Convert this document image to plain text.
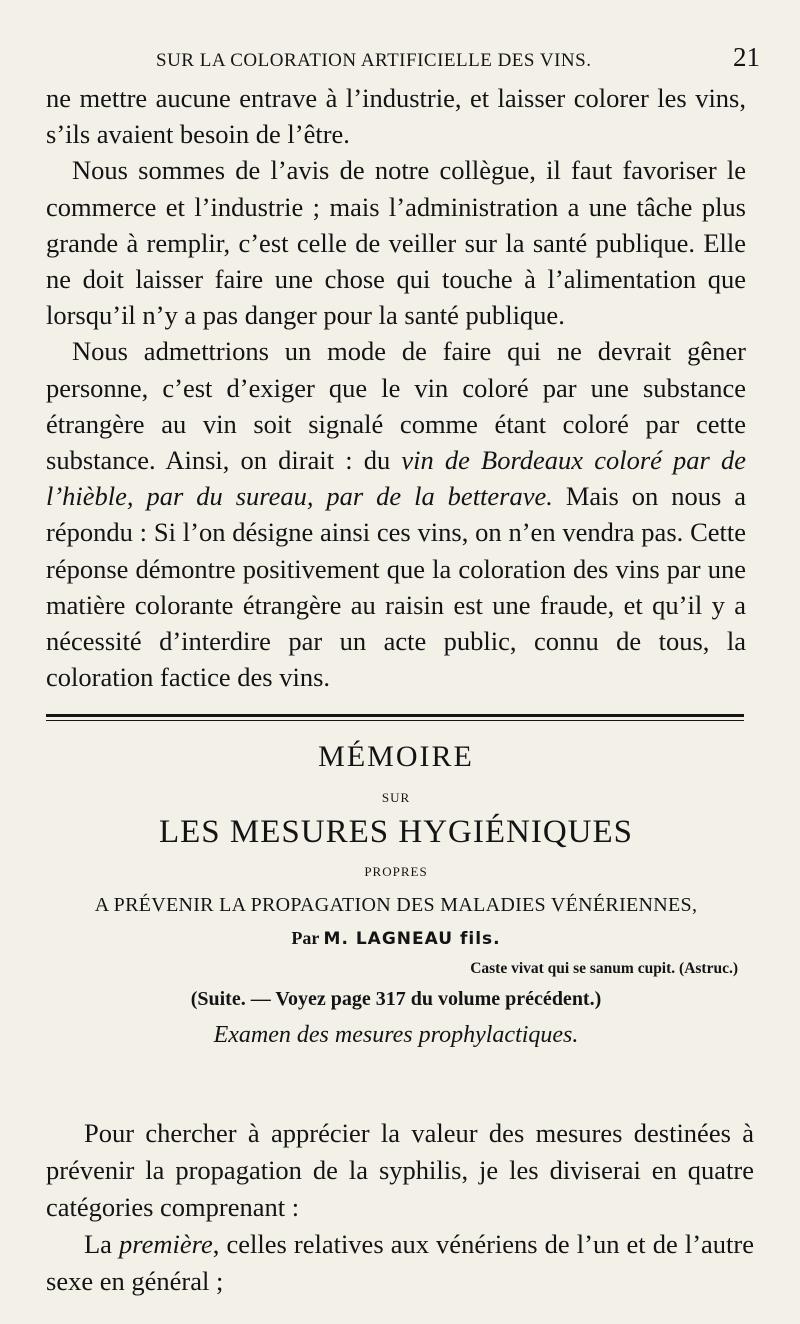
SUR LA COLORATION ARTIFICIELLE DES VINS.	21

ne mettre aucune entrave à l’industrie, et laisser colorer les vins, s’ils avaient besoin de l’être.

Nous sommes de l’avis de notre collègue, il faut favoriser le commerce et l’industrie ; mais l’administration a une tâche plus grande à remplir, c’est celle de veiller sur la santé publique. Elle ne doit laisser faire une chose qui touche à l’alimentation que lorsqu’il n’y a pas danger pour la santé publique.

Nous admettrions un mode de faire qui ne devrait gêner personne, c’est d’exiger que le vin coloré par une substance étrangère au vin soit signalé comme étant coloré par cette substance. Ainsi, on dirait : du vin de Bordeaux coloré par de l’hièble, par du sureau, par de la betterave. Mais on nous a répondu : Si l’on désigne ainsi ces vins, on n’en vendra pas. Cette réponse démontre positivement que la coloration des vins par une matière colorante étrangère au raisin est une fraude, et qu’il y a nécessité d’interdire par un acte public, connu de tous, la coloration factice des vins.

MÉMOIRE
SUR
LES MESURES HYGIÉNIQUES
PROPRES
A PRÉVENIR LA PROPAGATION DES MALADIES VÉNÉRIENNES,
Par M. LAGNEAU fils.
Caste vivat qui se sanum cupit. (Astruc.)
(Suite. — Voyez page 317 du volume précédent.)
Examen des mesures prophylactiques.

Pour chercher à apprécier la valeur des mesures destinées à prévenir la propagation de la syphilis, je les diviserai en quatre catégories comprenant :

La première, celles relatives aux vénériens de l’un et de l’autre sexe en général ;
